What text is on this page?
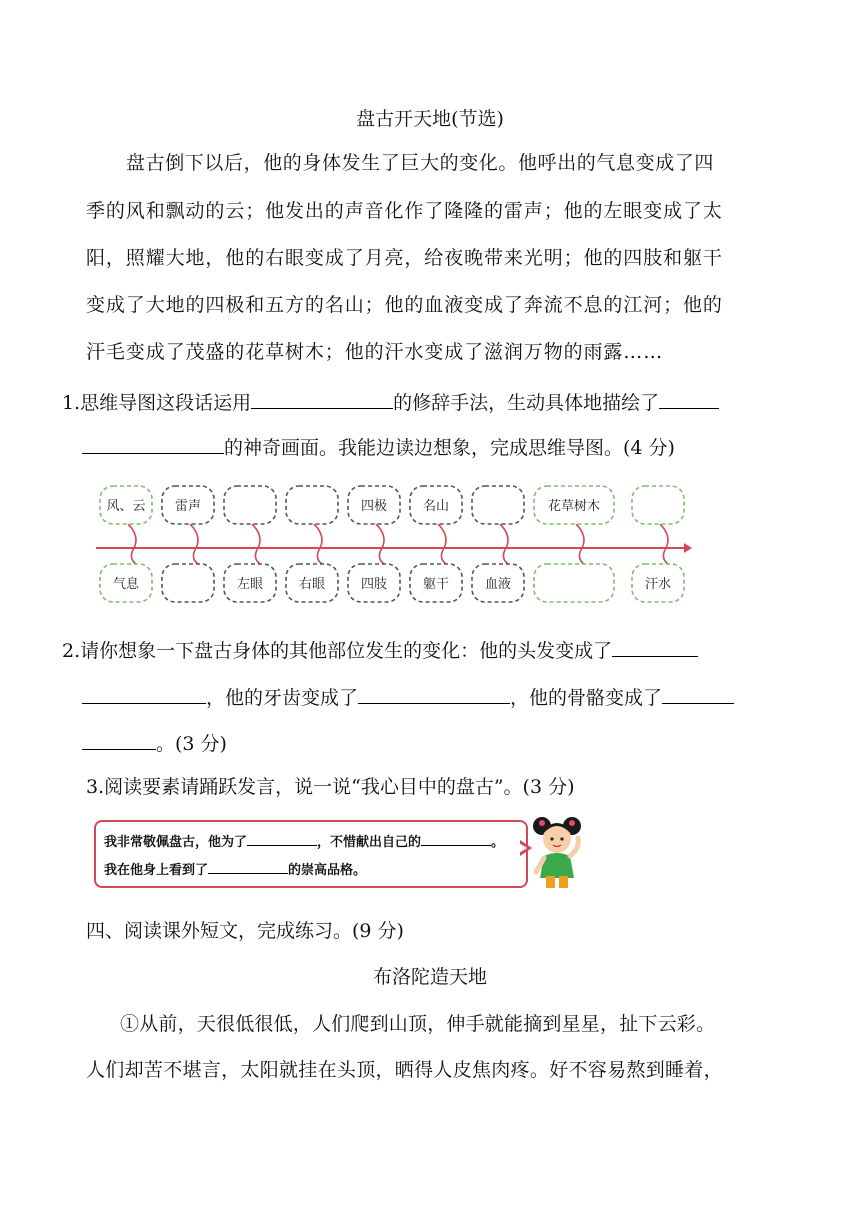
盘古开天地(节选)
盘古倒下以后，他的身体发生了巨大的变化。他呼出的气息变成了四
季的风和飘动的云；他发出的声音化作了隆隆的雷声；他的左眼变成了太
阳，照耀大地，他的右眼变成了月亮，给夜晚带来光明；他的四肢和躯干
变成了大地的四极和五方的名山；他的血液变成了奔流不息的江河；他的
汗毛变成了茂盛的花草树木；他的汗水变成了滋润万物的雨露……
1.思维导图这段话运用	的修辞手法，生动具体地描绘了
的神奇画面。我能边读边想象，完成思维导图。(4 分)
风、云 雷声	四极	名山	花草树木
气息	左眼	右眼	四肢	躯干	血液	汗水
2.请你想象一下盘古身体的其他部位发生的变化：他的头发变成了
，他的牙齿变成了	，他的骨骼变成了
。(3 分)
3.阅读要素请踊跃发言，说一说“我心目中的盘古”。(3 分)
我非常敬佩盘古，他为了	，不惜献出自己的	。
我在他身上看到了	的崇高品格。
四、阅读课外短文，完成练习。(9 分)
布洛陀造天地
①从前，天很低很低，人们爬到山顶，伸手就能摘到星星，扯下云彩。
人们却苦不堪言，太阳就挂在头顶，晒得人皮焦肉疼。好不容易熬到睡着，
